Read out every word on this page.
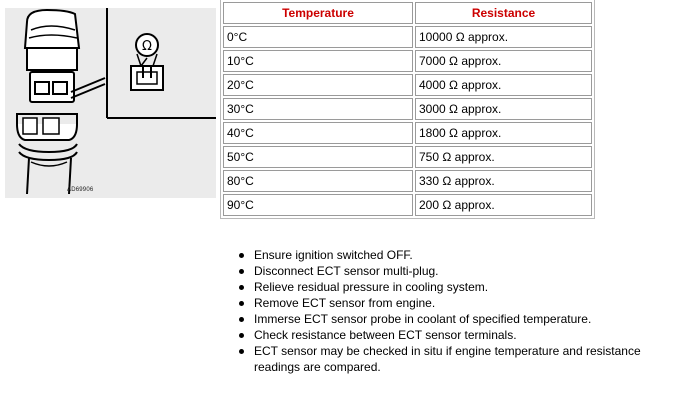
Ω
AD69906
Temperature	Resistance
0°C	10000 Ω approx.
10°C	7000 Ω approx.
20°C	4000 Ω approx.
30°C	3000 Ω approx.
40°C	1800 Ω approx.
50°C	750 Ω approx.
80°C	330 Ω approx.
90°C	200 Ω approx.
Ensure ignition switched OFF.
Disconnect ECT sensor multi-plug.
Relieve residual pressure in cooling system.
Remove ECT sensor from engine.
Immerse ECT sensor probe in coolant of specified temperature.
Check resistance between ECT sensor terminals.
ECT sensor may be checked in situ if engine temperature and resistance readings are compared.
